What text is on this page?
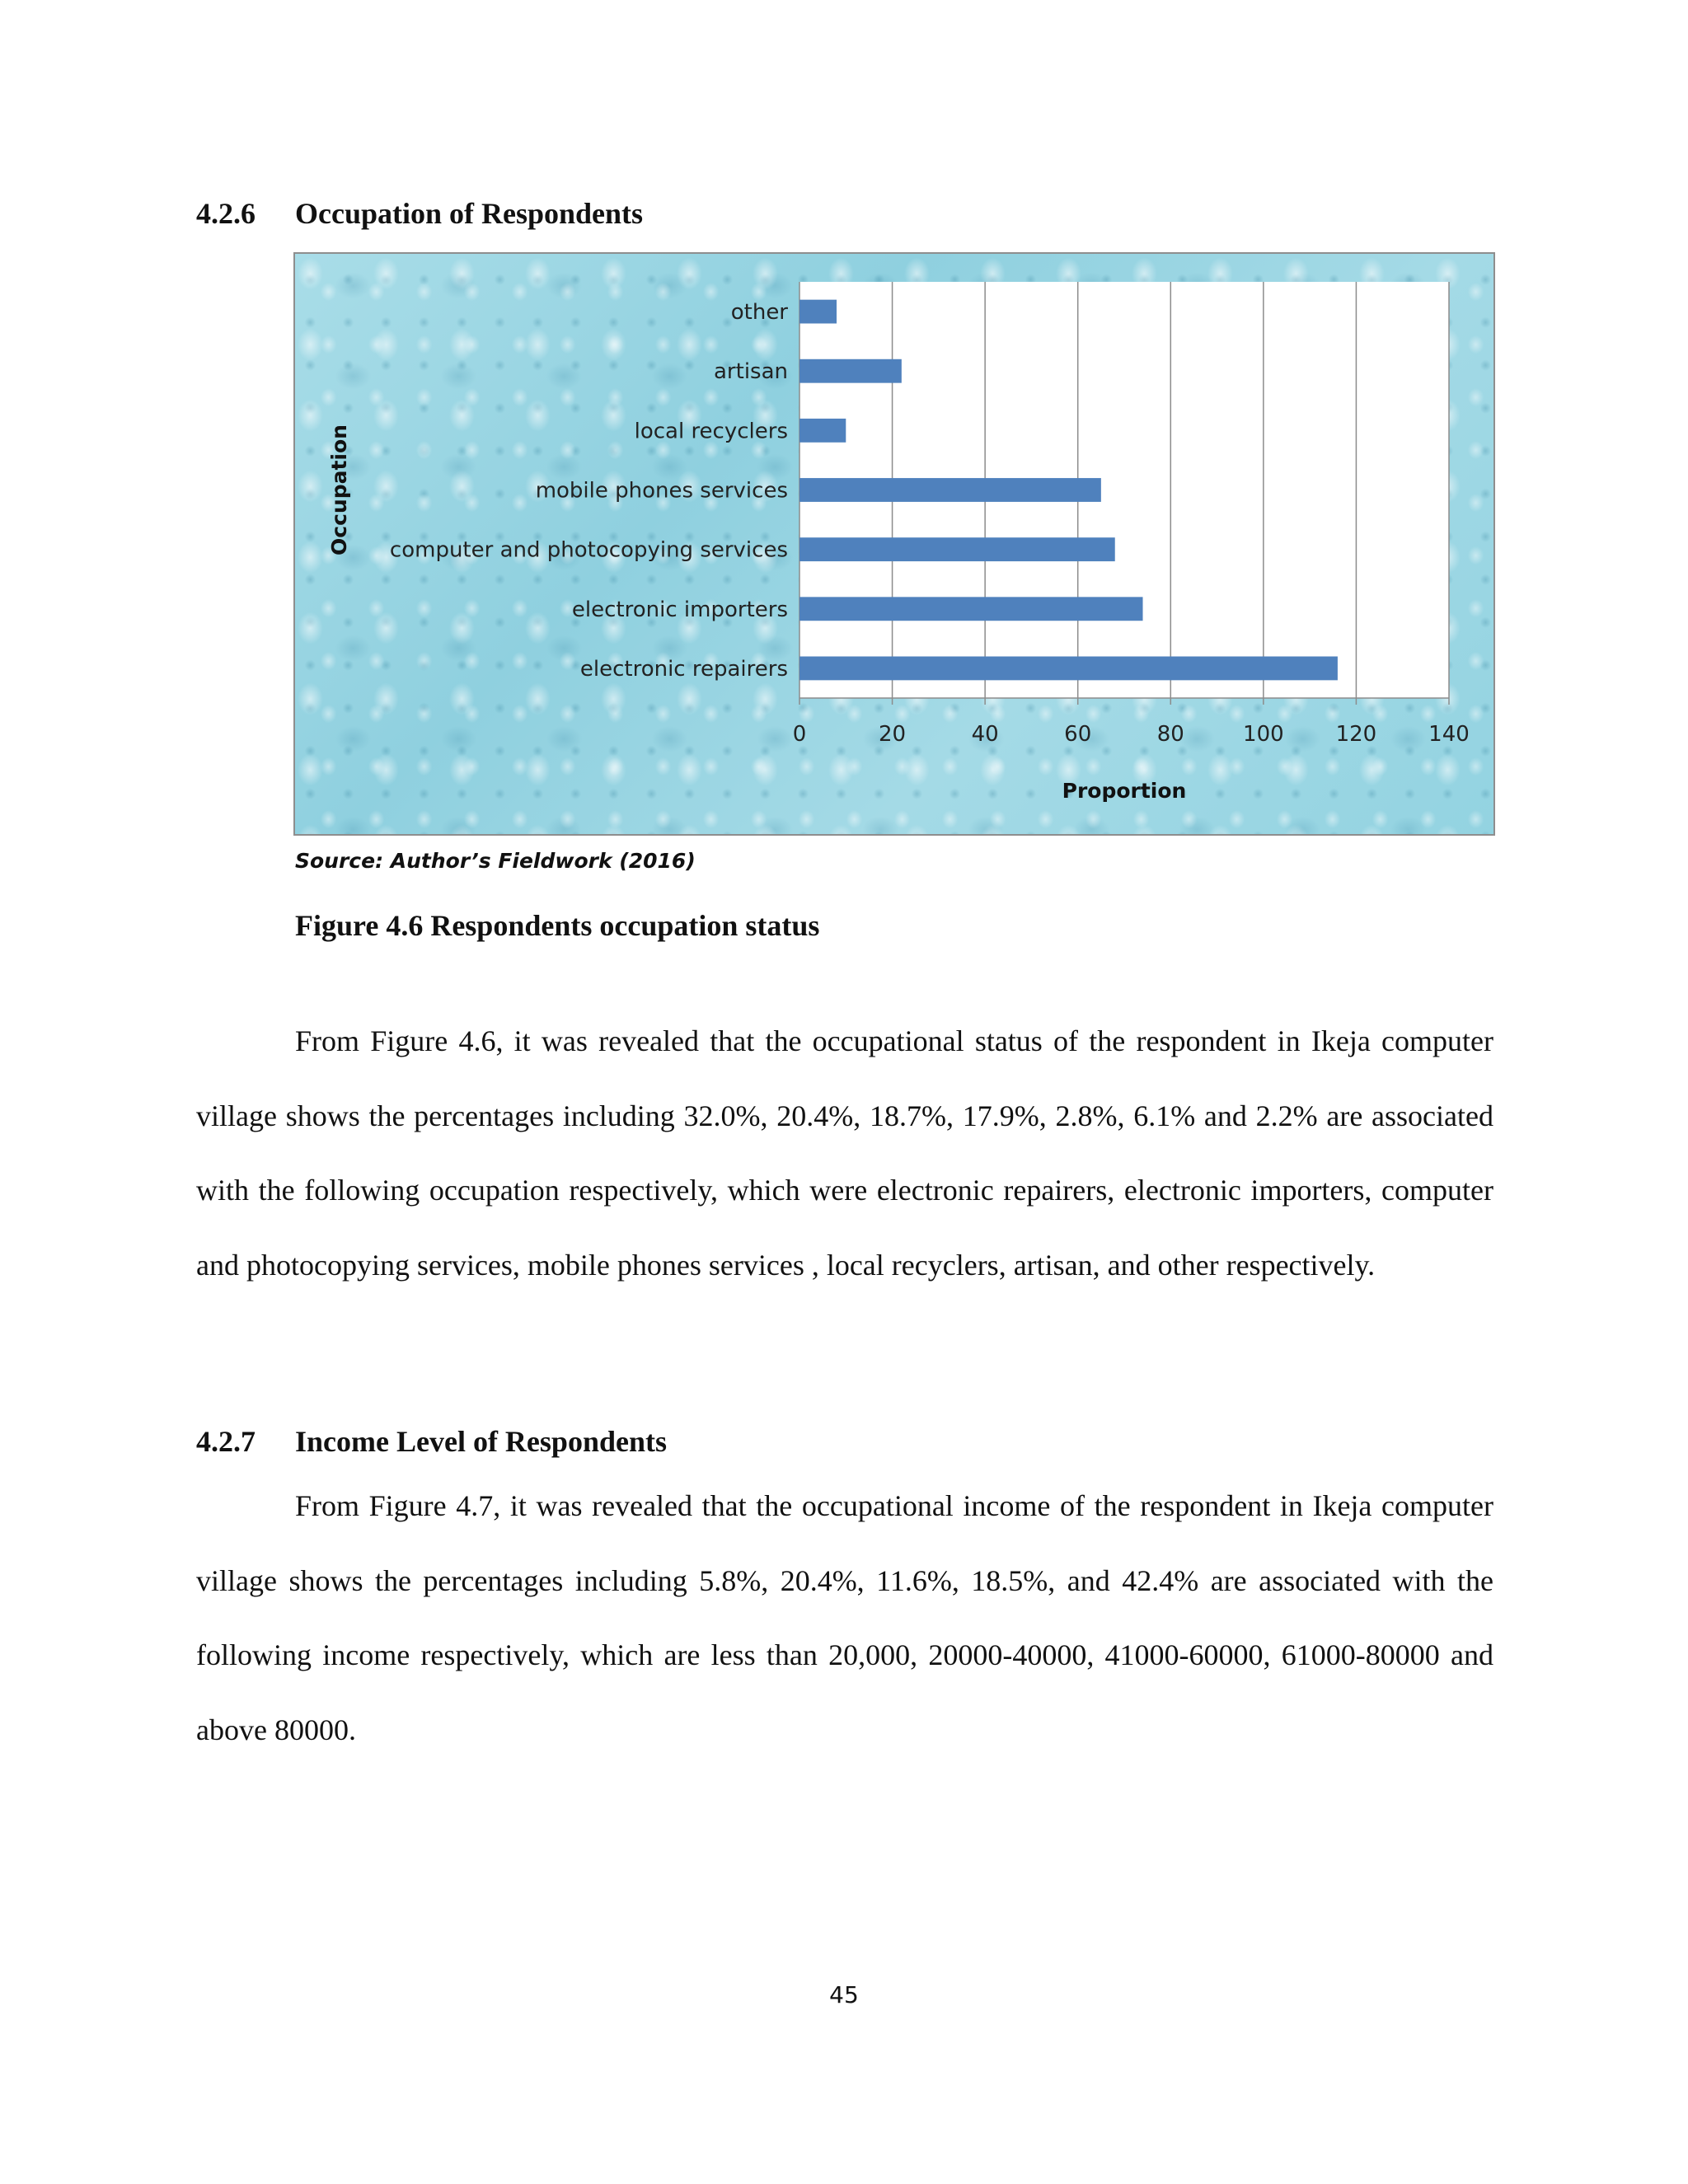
4.2.6 Occupation of Respondents
0	20	40	60	80	100 120 140
electronic repairers
electronic importers
computer and photocopying services
mobile phones services
local recyclers
artisan
other
Proportion
Occupation

Source: Author’s Fieldwork (2016)

Figure 4.6 Respondents occupation status

From Figure 4.6, it was revealed that the occupational status of the respondent in Ikeja computer village shows the percentages including 32.0%, 20.4%, 18.7%, 17.9%, 2.8%, 6.1% and 2.2% are associated with the following occupation respectively, which were electronic repairers, electronic importers, computer and photocopying services, mobile phones services , local recyclers, artisan, and other respectively.

4.2.7 Income Level of Respondents

From Figure 4.7, it was revealed that the occupational income of the respondent in Ikeja computer village shows the percentages including 5.8%, 20.4%, 11.6%, 18.5%, and 42.4% are associated with the following income respectively, which are less than 20,000, 20000-40000, 41000-60000, 61000-80000 and above 80000.

45
